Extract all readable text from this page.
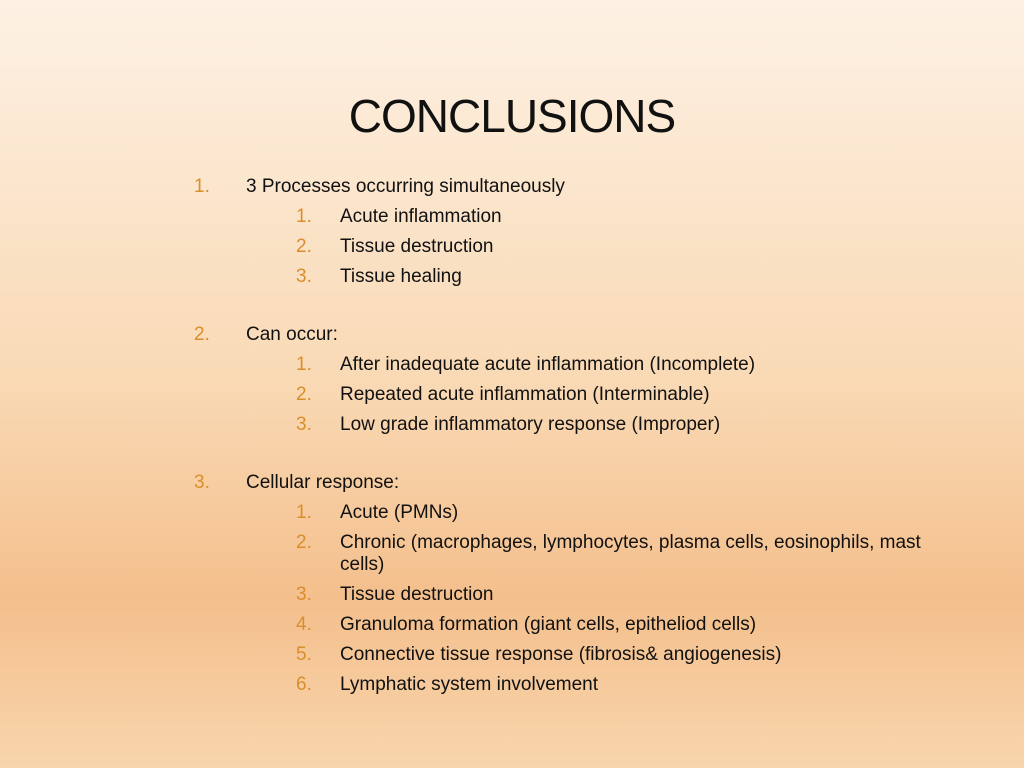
CONCLUSIONS
1. 3 Processes occurring simultaneously
1. Acute inflammation
2. Tissue destruction
3. Tissue healing
2. Can occur:
1. After inadequate acute inflammation (Incomplete)
2. Repeated acute inflammation (Interminable)
3. Low grade inflammatory response (Improper)
3. Cellular response:
1. Acute (PMNs)
2. Chronic (macrophages, lymphocytes, plasma cells, eosinophils, mast cells)
3. Tissue destruction
4. Granuloma formation (giant cells, epitheliod cells)
5. Connective tissue response (fibrosis& angiogenesis)
6. Lymphatic system involvement
